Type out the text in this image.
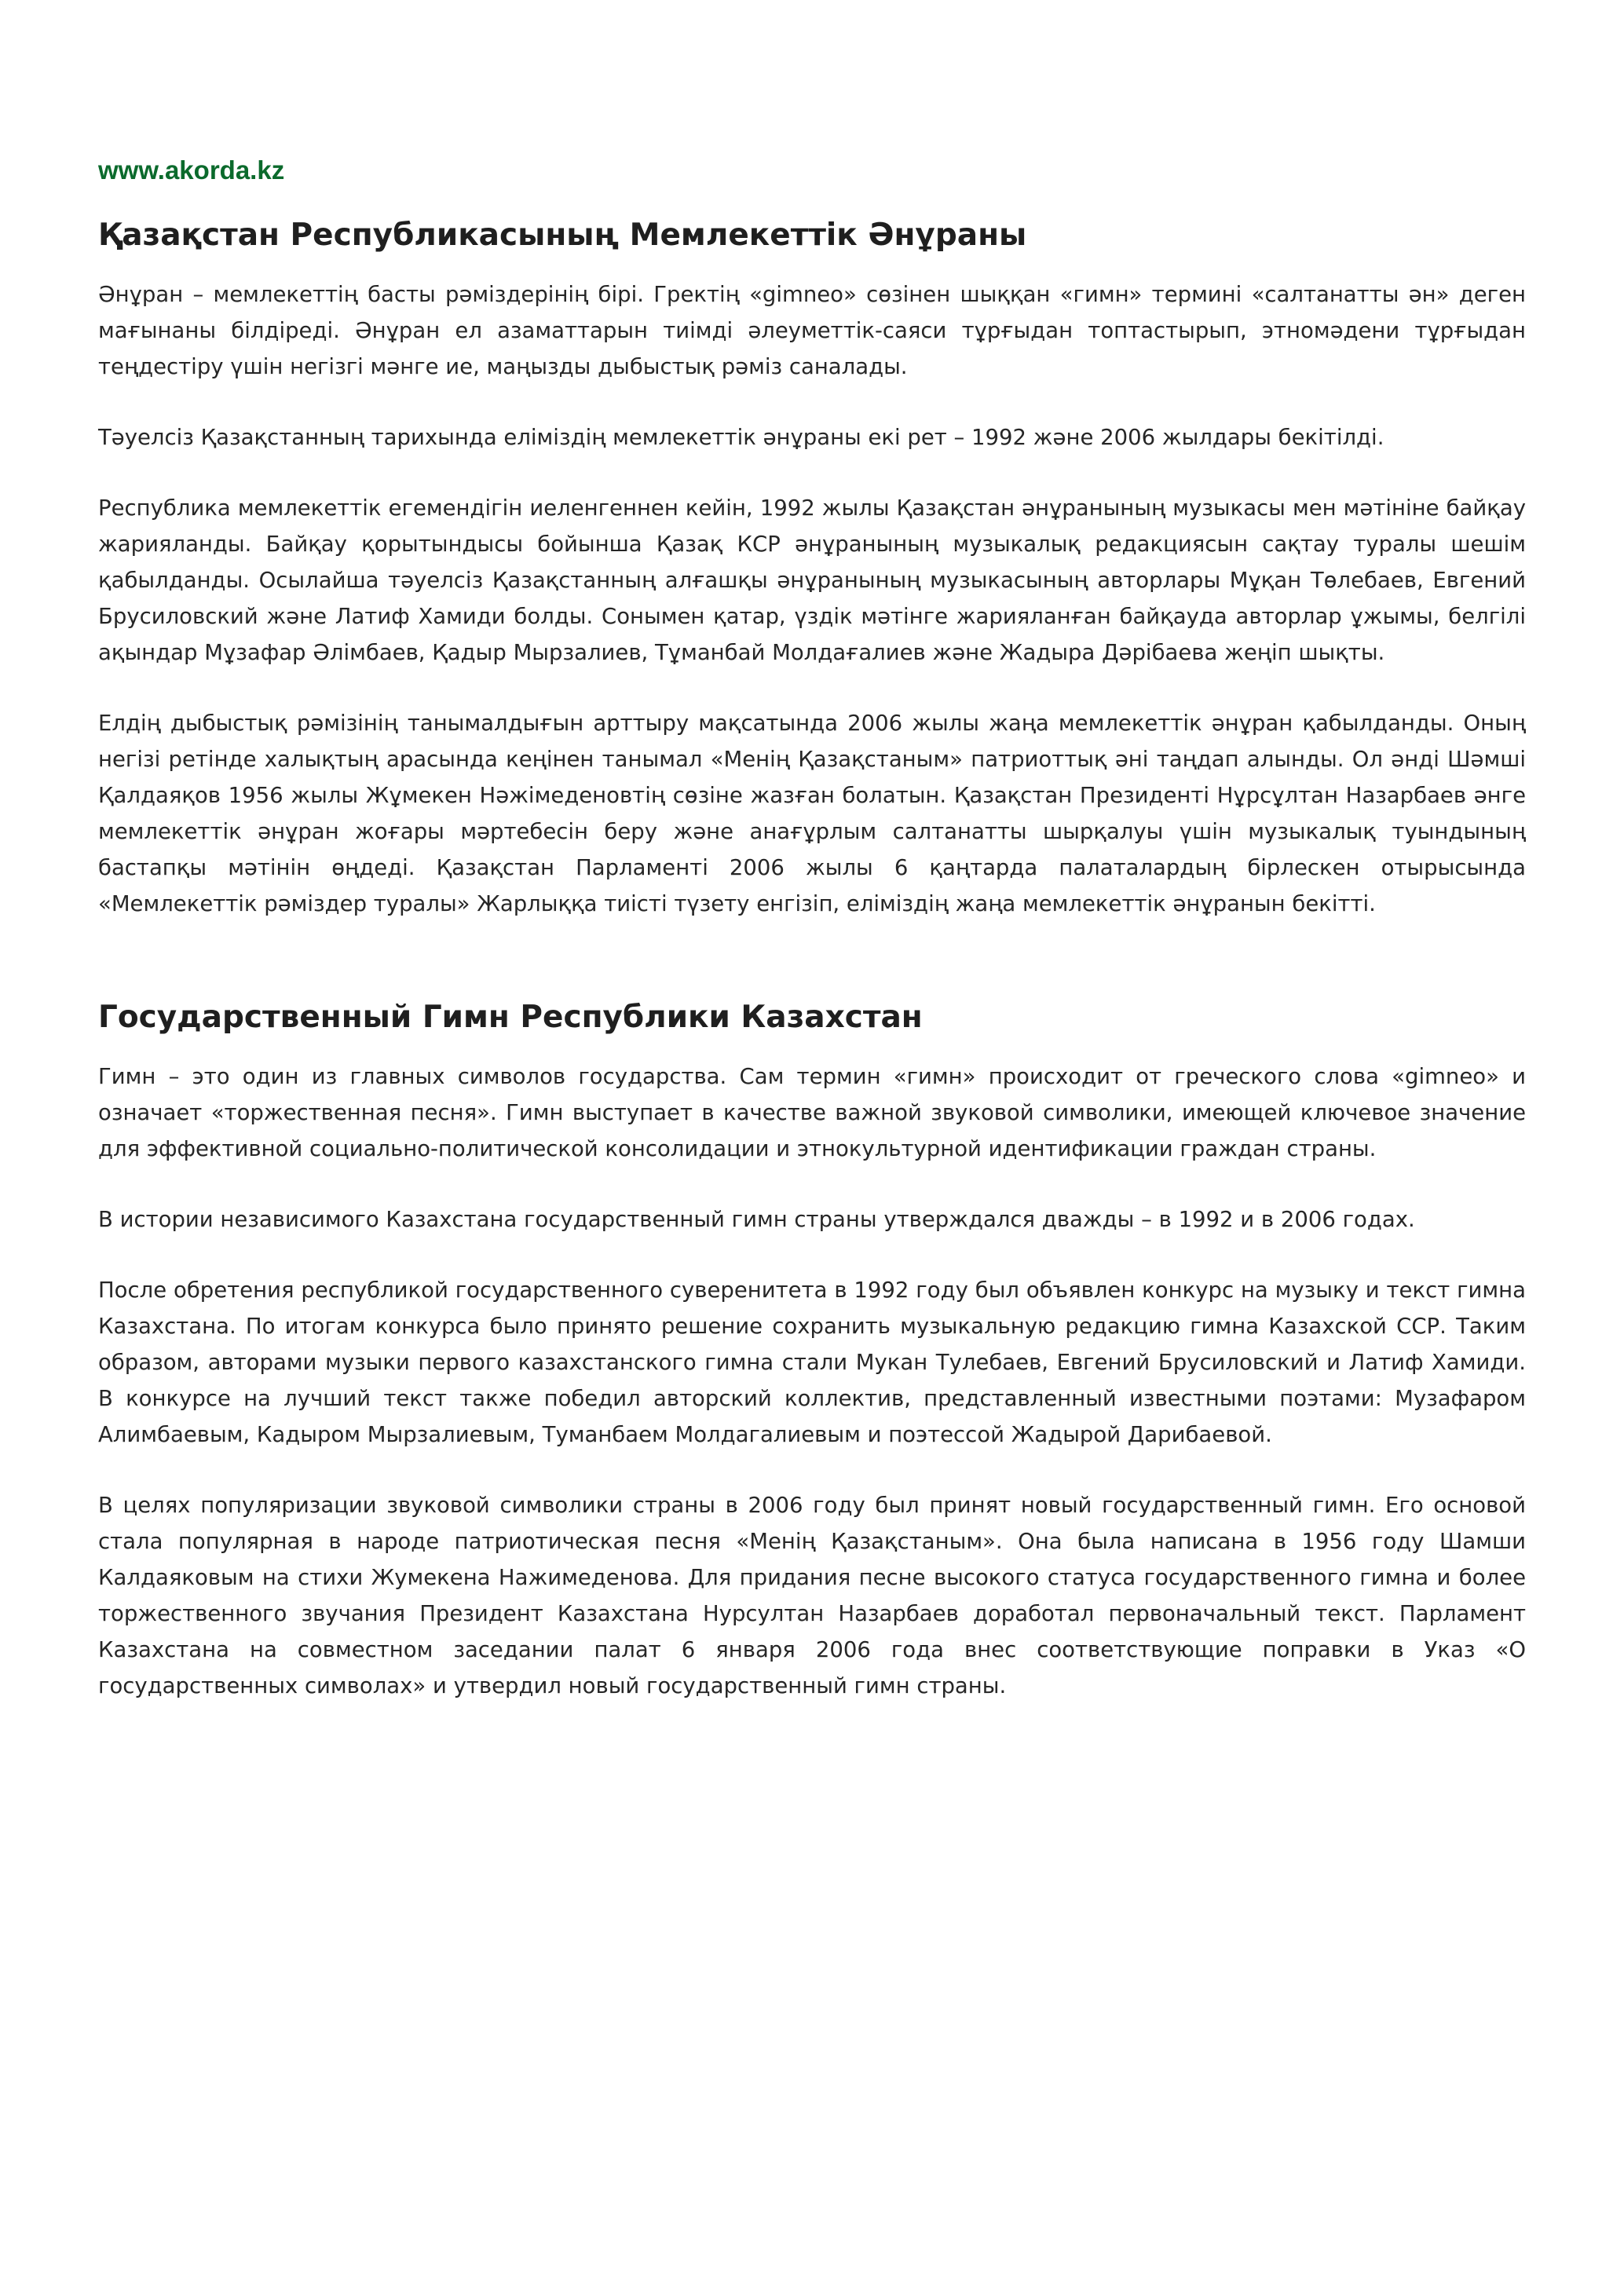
www.akorda.kz
Қазақстан Республикасының Мемлекеттік Әнұраны

Әнұран – мемлекеттің басты рәміздерінің бірі. Гректің «gimneo» сөзінен шыққан «гимн» термині «салтанатты ән» деген мағынаны білдіреді. Әнұран ел азаматтарын тиімді әлеуметтік-саяси тұрғыдан топтастырып, этномәдени тұрғыдан теңдестіру үшін негізгі мәнге ие, маңызды дыбыстық рәміз саналады.

Тәуелсіз Қазақстанның тарихында еліміздің мемлекеттік әнұраны екі рет – 1992 және 2006 жылдары бекітілді.

Республика мемлекеттік егемендігін иеленгеннен кейін, 1992 жылы Қазақстан әнұранының музыкасы мен мәтініне байқау жарияланды. Байқау қорытындысы бойынша Қазақ КСР әнұранының музыкалық редакциясын сақтау туралы шешім қабылданды. Осылайша тәуелсіз Қазақстанның алғашқы әнұранының музыкасының авторлары Мұқан Төлебаев, Евгений Брусиловский және Латиф Хамиди болды. Сонымен қатар, үздік мәтінге жарияланған байқауда авторлар ұжымы, белгілі ақындар Мұзафар Әлімбаев, Қадыр Мырзалиев, Тұманбай Молдағалиев және Жадыра Дәрібаева жеңіп шықты.

Елдің дыбыстық рәмізінің танымалдығын арттыру мақсатында 2006 жылы жаңа мемлекеттік әнұран қабылданды. Оның негізі ретінде халықтың арасында кеңінен танымал «Менің Қазақстаным» патриоттық әні таңдап алынды. Ол әнді Шәмші Қалдаяқов 1956 жылы Жұмекен Нәжімеденовтің сөзіне жазған болатын. Қазақстан Президенті Нұрсұлтан Назарбаев әнге мемлекеттік әнұран жоғары мәртебесін беру және анағұрлым салтанатты шырқалуы үшін музыкалық туындының бастапқы мәтінін өңдеді. Қазақстан Парламенті 2006 жылы 6 қаңтарда палаталардың бірлескен отырысында «Мемлекеттік рәміздер туралы» Жарлыққа тиісті түзету енгізіп, еліміздің жаңа мемлекеттік әнұранын бекітті.

Государственный Гимн Республики Казахстан

Гимн – это один из главных символов государства. Сам термин «гимн» происходит от греческого слова «gimneo» и означает «торжественная песня». Гимн выступает в качестве важной звуковой символики, имеющей ключевое значение для эффективной социально-политической консолидации и этнокультурной идентификации граждан страны.

В истории независимого Казахстана государственный гимн страны утверждался дважды – в 1992 и в 2006 годах.

После обретения республикой государственного суверенитета в 1992 году был объявлен конкурс на музыку и текст гимна Казахстана. По итогам конкурса было принято решение сохранить музыкальную редакцию гимна Казахской ССР. Таким образом, авторами музыки первого казахстанского гимна стали Мукан Тулебаев, Евгений Брусиловский и Латиф Хамиди. В конкурсе на лучший текст также победил авторский коллектив, представленный известными поэтами: Музафаром Алимбаевым, Кадыром Мырзалиевым, Туманбаем Молдагалиевым и поэтессой Жадырой Дарибаевой.

В целях популяризации звуковой символики страны в 2006 году был принят новый государственный гимн. Его основой стала популярная в народе патриотическая песня «Менің Қазақстаным». Она была написана в 1956 году Шамши Калдаяковым на стихи Жумекена Нажимеденова. Для придания песне высокого статуса государственного гимна и более торжественного звучания Президент Казахстана Нурсултан Назарбаев доработал первоначальный текст. Парламент Казахстана на совместном заседании палат 6 января 2006 года внес соответствующие поправки в Указ «О государственных символах» и утвердил новый государственный гимн страны.
